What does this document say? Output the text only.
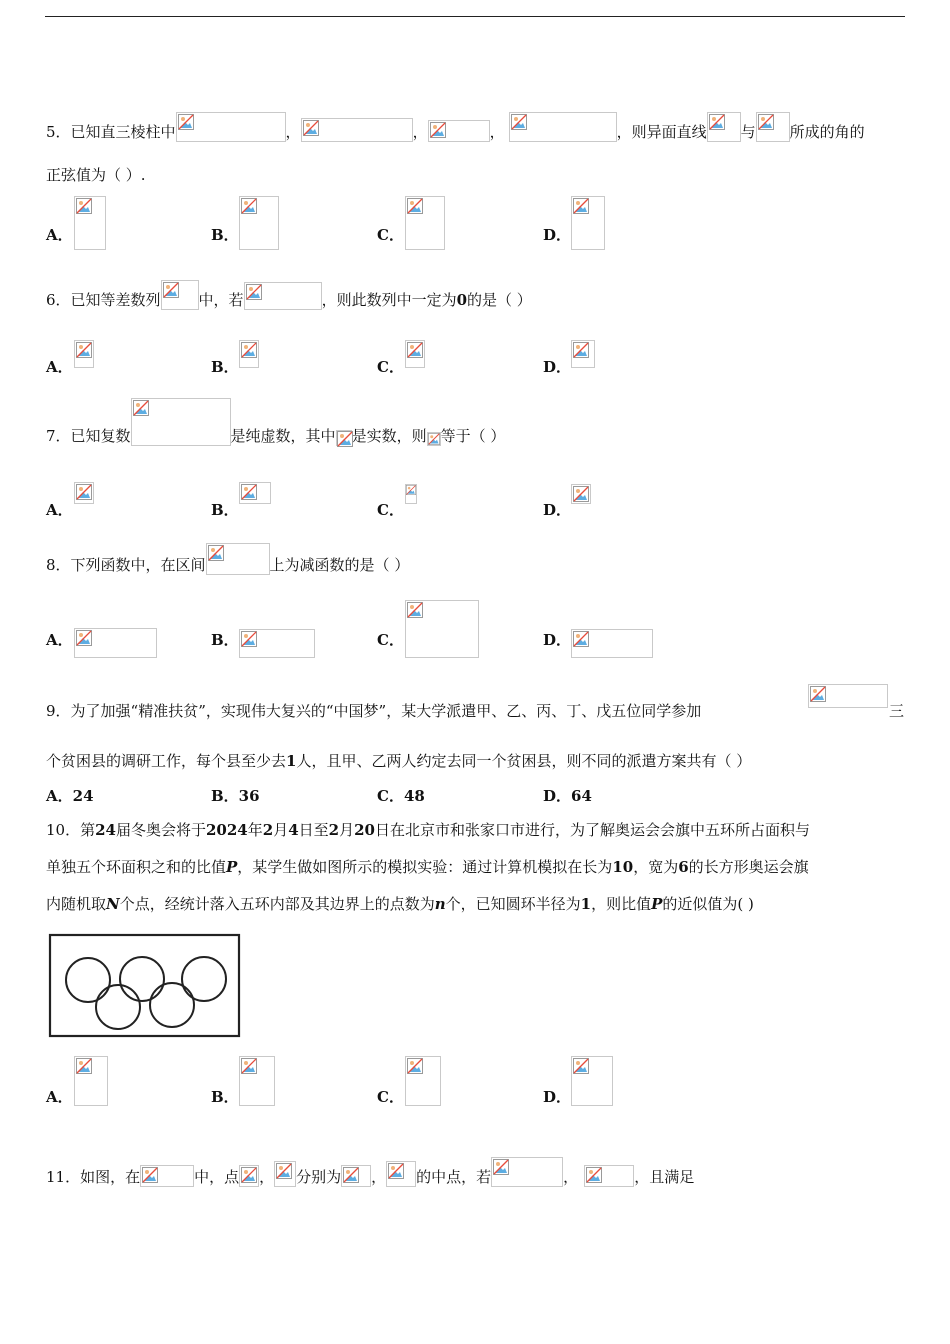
5．已知直三棱柱中	，	，	，	，则异面直线 与 所成的角的
正弦值为（ ）.
A．	B．	C．	D．
6．已知等差数列	中，若	，则此数列中一定为0的是（ ）
A．	B．	C．	D．
7．已知复数	是纯虚数，其中 是实数，则 等于（ ）
A．	B．	C．	D．
8．下列函数中，在区间	上为减函数的是（ ）
A．	B．	C．	D．
9．为了加强“精准扶贫”，实现伟大复兴的“中国梦”，某大学派遣甲、乙、丙、丁、戊五位同学参加	三
个贫困县的调研工作，每个县至少去1人，且甲、乙两人约定去同一个贫困县，则不同的派遣方案共有（ ）
A．24	B．36	C．48	D．64
10．第24届冬奥会将于2024年2月4日至2月20日在北京市和张家口市进行，为了解奥运会会旗中五环所占面积与
单独五个环面积之和的比值P，某学生做如图所示的模拟实验：通过计算机模拟在长为10，宽为6的长方形奥运会旗
内随机取N个点，经统计落入五环内部及其边界上的点数为n个，已知圆环半径为1，则比值P的近似值为( )
A．	B．	C．	D．
11．如图，在	中，点 ， 分别为 ， 的中点，若	，	，且满足
